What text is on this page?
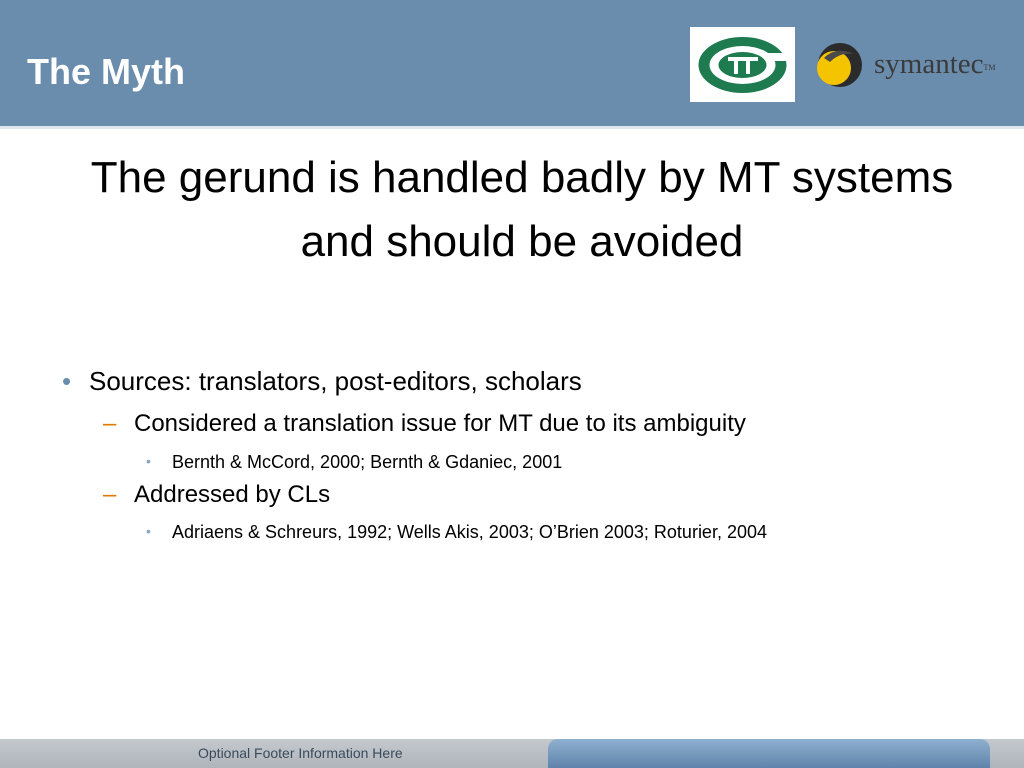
The Myth	symantecTM
The gerund is handled badly by MT systems
and should be avoided
• Sources: translators, post-editors, scholars
– Considered a translation issue for MT due to its ambiguity
• Bernth & McCord, 2000; Bernth & Gdaniec, 2001
– Addressed by CLs
• Adriaens & Schreurs, 1992; Wells Akis, 2003; O’Brien 2003; Roturier, 2004
Optional Footer Information Here
